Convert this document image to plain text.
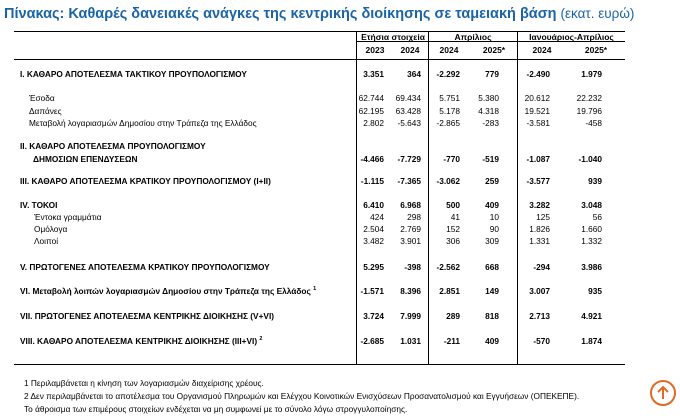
Πίνακας: Καθαρές δανειακές ανάγκες της κεντρικής διοίκησης σε ταμειακή βάση (εκατ. ευρώ)
Ετήσια στοιχεία	Απρίλιος	Ιανουάριος-Απρίλιος
2023	2024	2024	2025*	2024	2025*
I. ΚΑΘΑΡΟ ΑΠΟΤΕΛΕΣΜΑ ΤΑΚΤΙΚΟΥ ΠΡΟΥΠΟΛΟΓΙΣΜΟΥ	3.351	364	-2.292	779	-2.490	1.979
Έσοδα	62.744	69.434	5.751	5.380	20.612	22.232
Δαπάνες	62.195	63.428	5.178	4.318	19.521	19.796
Μεταβολή λογαριασμών Δημοσίου στην Τράπεζα της Ελλάδος	2.802	-5.643	-2.865	-283	-3.581	-458
II. ΚΑΘΑΡΟ ΑΠΟΤΕΛΕΣΜΑ ΠΡΟΥΠΟΛΟΓΙΣΜΟΥ
ΔΗΜΟΣΙΩΝ ΕΠΕΝΔΥΣΕΩΝ	-4.466	-7.729	-770	-519	-1.087	-1.040
III. ΚΑΘΑΡΟ ΑΠΟΤΕΛΕΣΜΑ ΚΡΑΤΙΚΟΥ ΠΡΟΥΠΟΛΟΓΙΣΜΟΥ (I+II)	-1.115	-7.365	-3.062	259	-3.577	939
IV. ΤΟΚΟΙ	6.410	6.968	500	409	3.282	3.048
Έντοκα γραμμάτια	424	298	41	10	125	56
Ομόλογα	2.504	2.769	152	90	1.826	1.660
Λοιποί	3.482	3.901	306	309	1.331	1.332
V. ΠΡΩΤΟΓΕΝΕΣ ΑΠΟΤΕΛΕΣΜΑ ΚΡΑΤΙΚΟΥ ΠΡΟΥΠΟΛΟΓΙΣΜΟΥ	5.295	-398	-2.562	668	-294	3.986
VI. Μεταβολή λοιπών λογαριασμών Δημοσίου στην Τράπεζα της Ελλάδος $^1$	-1.571	8.396	2.851	149	3.007	935
VII. ΠΡΩΤΟΓΕΝΕΣ ΑΠΟΤΕΛΕΣΜΑ ΚΕΝΤΡΙΚΗΣ ΔΙΟΙΚΗΣΗΣ (V+VI)	3.724	7.999	289	818	2.713	4.921
VIII. ΚΑΘΑΡΟ ΑΠΟΤΕΛΕΣΜΑ ΚΕΝΤΡΙΚΗΣ ΔΙΟΙΚΗΣΗΣ (III+VI) $^2$	-2.685	1.031	-211	409	-570	1.874
1 Περιλαμβάνεται η κίνηση των λογαριασμών διαχείρισης χρέους.
2 Δεν περιλαμβάνεται το αποτέλεσμα του Οργανισμού Πληρωμών και Ελέγχου Κοινοτικών Ενισχύσεων Προσανατολισμού και Εγγυήσεων (ΟΠΕΚΕΠΕ).
Το άθροισμα των επιμέρους στοιχείων ενδέχεται να μη συμφωνεί με το σύνολο λόγω στρογγυλοποίησης.
